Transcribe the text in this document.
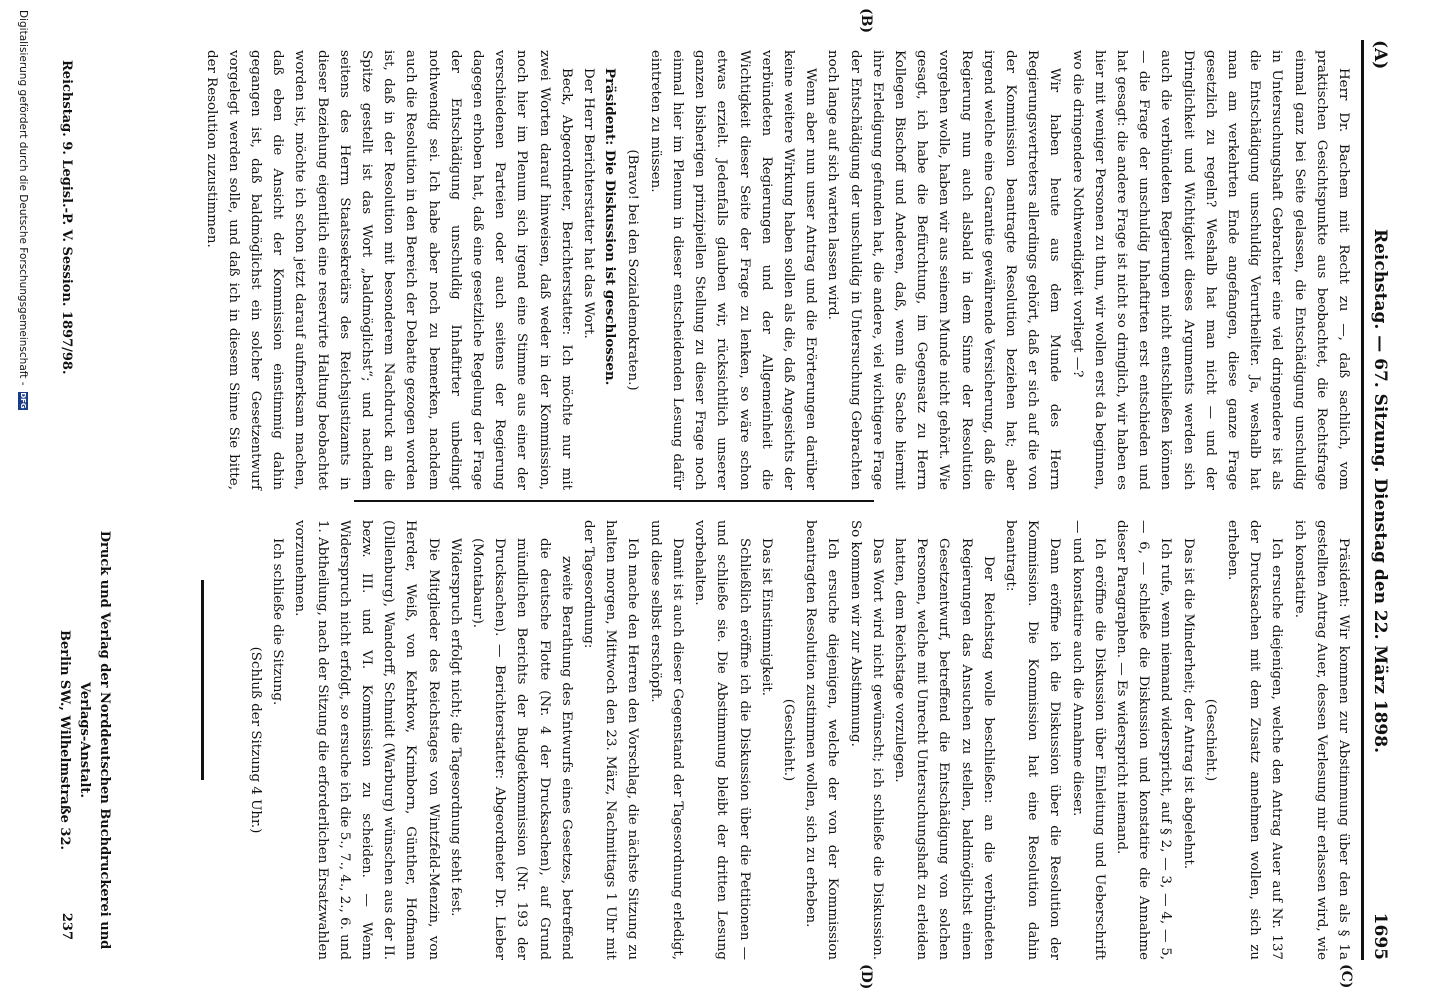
(A)
Reichstag. — 67. Sitzung. Dienstag den 22. März 1898.
1695
(B)
(C)
(D)

Herr Dr. Bachem mit Recht zu —, daß sachlich, vom praktischen Gesichtspunkte aus beobachtet, die Rechtsfrage einmal ganz bei Seite gelassen, die Entschädigung unschuldig in Untersuchungshaft Gebrachter eine viel dringendere ist als die Entschädigung unschuldig Verurtheilter. Ja, weshalb hat man am verkehrten Ende angefangen, diese ganze Frage gesetzlich zu regeln? Weshalb hat man nicht — und der Dringlichkeit und Wichtigkeit dieses Arguments werden sich auch die verbündeten Regierungen nicht entschließen können — die Frage der unschuldig Inhaftirten erst entschieden und hat gesagt: die andere Frage ist nicht so dringlich, wir haben es hier mit weniger Personen zu thun, wir wollen erst da beginnen, wo die dringendere Nothwendigkeit vorliegt —?

Wir haben heute aus dem Munde des Herrn Regierungsvertreters allerdings gehört, daß er sich auf die von der Kommission beantragte Resolution beziehen hat; aber irgend welche eine Garantie gewährende Versicherung, daß die Regierung nun auch alsbald in dem Sinne der Resolution vorgehen wolle, haben wir aus seinem Munde nicht gehört. Wie gesagt, ich habe die Befürchtung, im Gegensatz zu Herrn Kollegen Bischoff und Anderen, daß, wenn die Sache hiermit ihre Erledigung gefunden hat, die andere, viel wichtigere Frage der Entschädigung der unschuldig in Untersuchung Gebrachten noch lange auf sich warten lassen wird.

Wenn aber nun unser Antrag und die Erörterungen darüber keine weitere Wirkung haben sollen als die, daß Angesichts der verbündeten Regierungen und der Allgemeinheit die Wichtigkeit dieser Seite der Frage zu lenken, so wäre schon etwas erzielt. Jedenfalls glauben wir, rücksichtlich unserer ganzen bisherigen prinzipiellen Stellung zu dieser Frage noch einmal hier im Plenum in dieser entscheidenden Lesung dafür eintreten zu müssen.

(Bravo! bei den Sozialdemokraten.)

Präsident: Die Diskussion ist geschlossen.

Der Herr Berichterstatter hat das Wort.

Beck, Abgeordneter, Berichterstatter: Ich möchte nur mit zwei Worten darauf hinweisen, daß weder in der Kommission, noch hier im Plenum sich irgend eine Stimme aus einer der verschiedenen Parteien oder auch seitens der Regierung dagegen erhoben hat, daß eine gesetzliche Regelung der Frage der Entschädigung unschuldig Inhaftirter unbedingt nothwendig sei. Ich habe aber noch zu bemerken, nachdem auch die Resolution in den Bereich der Debatte gezogen worden ist, daß in der Resolution mit besonderem Nachdruck an die Spitze gestellt ist das Wort „baldmöglichst“; und nachdem seitens des Herrn Staatssekretärs des Reichsjustizamts in dieser Beziehung eigentlich eine reservirte Haltung beobachtet worden ist, möchte ich schon jetzt darauf aufmerksam machen, daß eben die Ansicht der Kommission einstimmig dahin gegangen ist, daß baldmöglichst ein solcher Gesetzentwurf vorgelegt werden solle, und daß ich in diesem Sinne Sie bitte, der Resolution zuzustimmen.

Präsident: Wir kommen zur Abstimmung über den als § 1a gestellten Antrag Auer, dessen Verlesung mir erlassen wird, wie ich konstatire.

Ich ersuche diejenigen, welche den Antrag Auer auf Nr. 137 der Drucksachen mit dem Zusatz annehmen wollen, sich zu erheben.

(Geschieht.)

Das ist die Minderheit; der Antrag ist abgelehnt.

Ich rufe, wenn niemand widerspricht, auf § 2, — 3, — 4, — 5, — 6, — schließe die Diskussion und konstatire die Annahme dieser Paragraphen. — Es widerspricht niemand.

Ich eröffne die Diskussion über Einleitung und Ueberschrift — und konstatire auch die Annahme dieser.

Dann eröffne ich die Diskussion über die Resolution der Kommission. Die Kommission hat eine Resolution dahin beantragt:

Der Reichstag wolle beschließen: an die verbündeten Regierungen das Ansuchen zu stellen, baldmöglichst einen Gesetzentwurf, betreffend die Entschädigung von solchen Personen, welche mit Unrecht Untersuchungshaft zu erleiden hatten, dem Reichstage vorzulegen.

Das Wort wird nicht gewünscht; ich schließe die Diskussion. So kommen wir zur Abstimmung.

Ich ersuche diejenigen, welche der von der Kommission beantragten Resolution zustimmen wollen, sich zu erheben.

(Geschieht.)

Das ist Einstimmigkeit.

Schließlich eröffne ich die Diskussion über die Petitionen — und schließe sie. Die Abstimmung bleibt der dritten Lesung vorbehalten.

Damit ist auch dieser Gegenstand der Tagesordnung erledigt, und diese selbst erschöpft.

Ich mache den Herren den Vorschlag, die nächste Sitzung zu halten morgen, Mittwoch den 23. März, Nachmittags 1 Uhr mit der Tagesordnung:

zweite Berathung des Entwurfs eines Gesetzes, betreffend die deutsche Flotte (Nr. 4 der Drucksachen), auf Grund mündlichen Berichts der Budgetkommission (Nr. 193 der Drucksachen). — Berichterstatter: Abgeordneter Dr. Lieber (Montabaur).

Widerspruch erfolgt nicht; die Tagesordnung steht fest.

Die Mitglieder des Reichstages von Wintzfeld-Menzin, von Herder, Weiß, von Kehrkow, Krimborn, Günther, Hofmann (Dillenburg), Wandorff, Schmidt (Warburg) wünschen aus der II. bezw. III. und VI. Kommission zu scheiden. — Wenn Widerspruch nicht erfolgt, so ersuche ich die 5., 7., 4., 2., 6. und 1. Abtheilung, nach der Sitzung die erforderlichen Ersatzwahlen vorzunehmen.

Ich schließe die Sitzung.

(Schluß der Sitzung 4 Uhr.)

Reichstag. 9. Legisl.-P. V. Session. 1897/98.
Druck und Verlag der Norddeutschen Buchdruckerei und Verlags-Anstalt.
Berlin SW., Wilhelmstraße 32.
237
Digitalisierung gefördert durch die Deutsche Forschungsgemeinschaft -
DFG
